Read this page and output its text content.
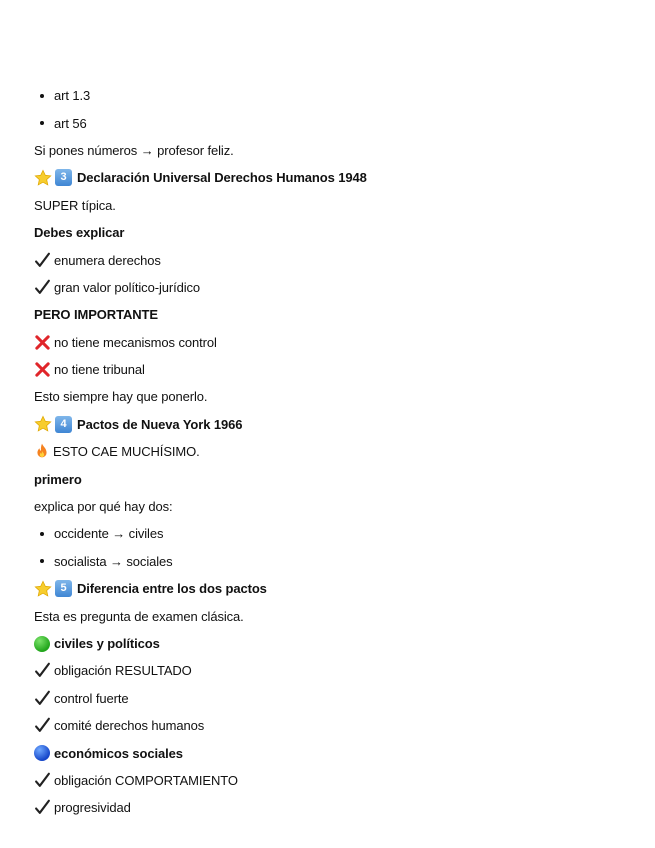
art 1.3
art 56
Si pones números → profesor feliz.
3 Declaración Universal Derechos Humanos 1948
SUPER típica.
Debes explicar
enumera derechos
gran valor político-jurídico
PERO IMPORTANTE
no tiene mecanismos control
no tiene tribunal
Esto siempre hay que ponerlo.
4 Pactos de Nueva York 1966
ESTO CAE MUCHÍSIMO.
primero
explica por qué hay dos:
occidente → civiles
socialista → sociales
5 Diferencia entre los dos pactos
Esta es pregunta de examen clásica.
civiles y políticos
obligación RESULTADO
control fuerte
comité derechos humanos
económicos sociales
obligación COMPORTAMIENTO
progresividad
